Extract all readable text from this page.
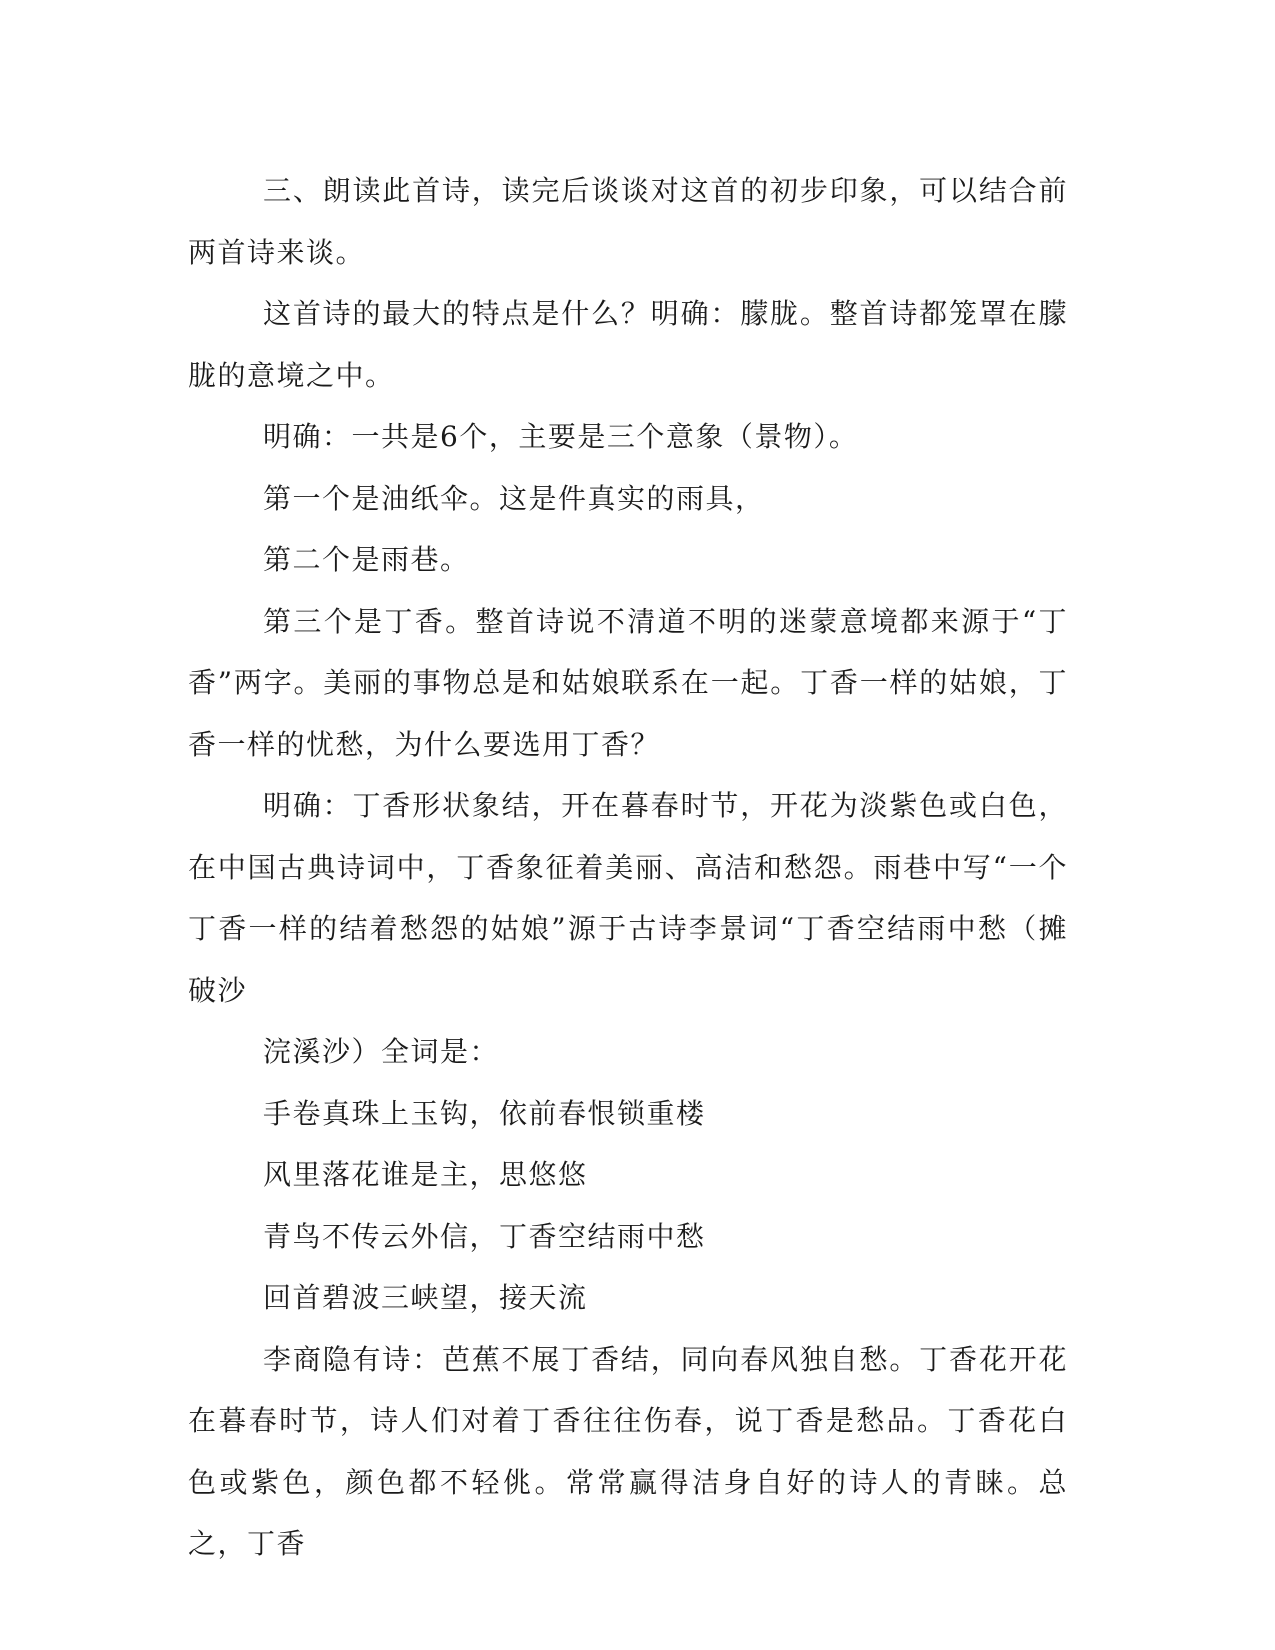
三、朗读此首诗，读完后谈谈对这首的初步印象，可以结合前两首诗来谈。

这首诗的最大的特点是什么？明确：朦胧。整首诗都笼罩在朦胧的意境之中。

明确：一共是6个，主要是三个意象（景物）。

第一个是油纸伞。这是件真实的雨具，

第二个是雨巷。

第三个是丁香。整首诗说不清道不明的迷蒙意境都来源于“丁香”两字。美丽的事物总是和姑娘联系在一起。丁香一样的姑娘，丁香一样的忧愁，为什么要选用丁香？

明确：丁香形状象结，开在暮春时节，开花为淡紫色或白色，在中国古典诗词中，丁香象征着美丽、高洁和愁怨。雨巷中写“一个丁香一样的结着愁怨的姑娘”源于古诗李景词“丁香空结雨中愁（摊破沙

浣溪沙）全词是：

手卷真珠上玉钩，依前春恨锁重楼

风里落花谁是主，思悠悠

青鸟不传云外信，丁香空结雨中愁

回首碧波三峡望，接天流

李商隐有诗：芭蕉不展丁香结，同向春风独自愁。丁香花开花在暮春时节，诗人们对着丁香往往伤春，说丁香是愁品。丁香花白色或紫色，颜色都不轻佻。常常赢得洁身自好的诗人的青睐。总之，丁香
